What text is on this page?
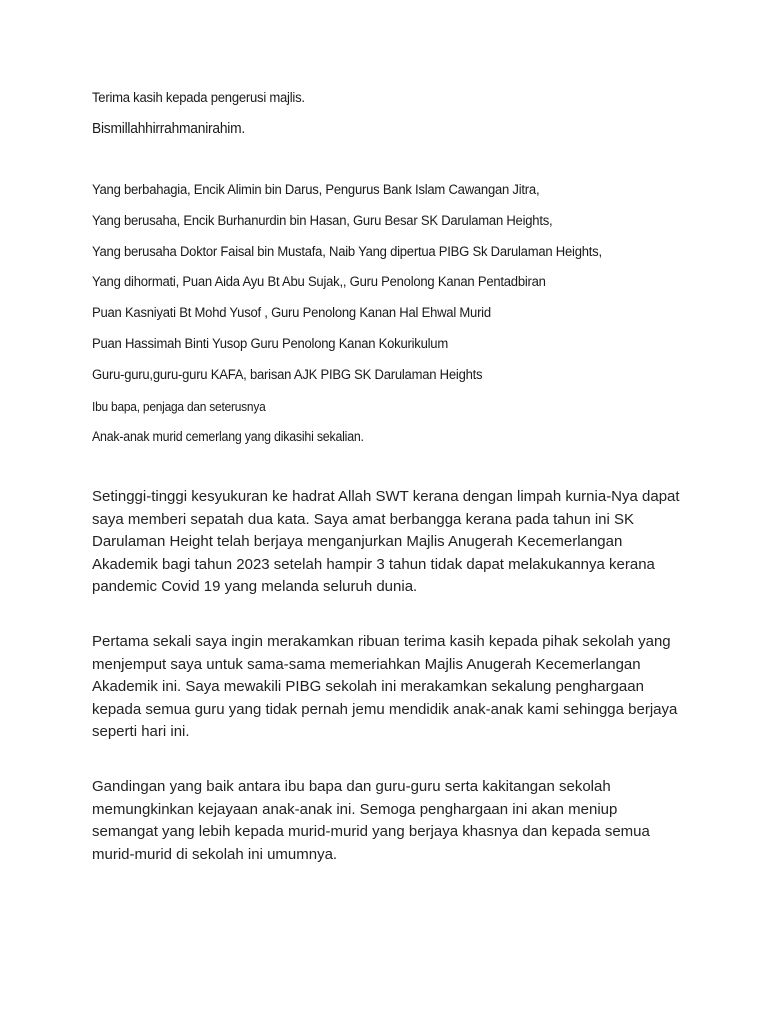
Terima kasih kepada pengerusi majlis.

Bismillahhirrahmanirahim.

Yang berbahagia, Encik Alimin bin Darus, Pengurus Bank Islam Cawangan Jitra,

Yang berusaha, Encik Burhanurdin bin Hasan, Guru Besar SK Darulaman Heights,

Yang berusaha Doktor Faisal bin Mustafa, Naib Yang dipertua PIBG Sk Darulaman Heights,

Yang dihormati, Puan Aida Ayu Bt Abu Sujak,, Guru Penolong Kanan Pentadbiran

Puan Kasniyati Bt Mohd Yusof , Guru Penolong Kanan Hal Ehwal Murid

Puan Hassimah Binti Yusop Guru Penolong Kanan Kokurikulum

Guru-guru,guru-guru KAFA, barisan AJK PIBG SK Darulaman Heights

Ibu bapa, penjaga dan seterusnya

Anak-anak murid cemerlang yang dikasihi sekalian.

Setinggi-tinggi kesyukuran ke hadrat Allah SWT kerana dengan limpah kurnia-Nya dapat
saya memberi sepatah dua kata. Saya amat berbangga kerana pada tahun ini SK
Darulaman Height telah berjaya menganjurkan Majlis Anugerah Kecemerlangan
Akademik bagi tahun 2023 setelah hampir 3 tahun tidak dapat melakukannya kerana
pandemic Covid 19 yang melanda seluruh dunia.
Pertama sekali saya ingin merakamkan ribuan terima kasih kepada pihak sekolah yang
menjemput saya untuk sama-sama memeriahkan Majlis Anugerah Kecemerlangan
Akademik ini. Saya mewakili PIBG sekolah ini merakamkan sekalung penghargaan
kepada semua guru yang tidak pernah jemu mendidik anak-anak kami sehingga berjaya
seperti hari ini.
Gandingan yang baik antara ibu bapa dan guru-guru serta kakitangan sekolah
memungkinkan kejayaan anak-anak ini. Semoga penghargaan ini akan meniup
semangat yang lebih kepada murid-murid yang berjaya khasnya dan kepada semua
murid-murid di sekolah ini umumnya.
